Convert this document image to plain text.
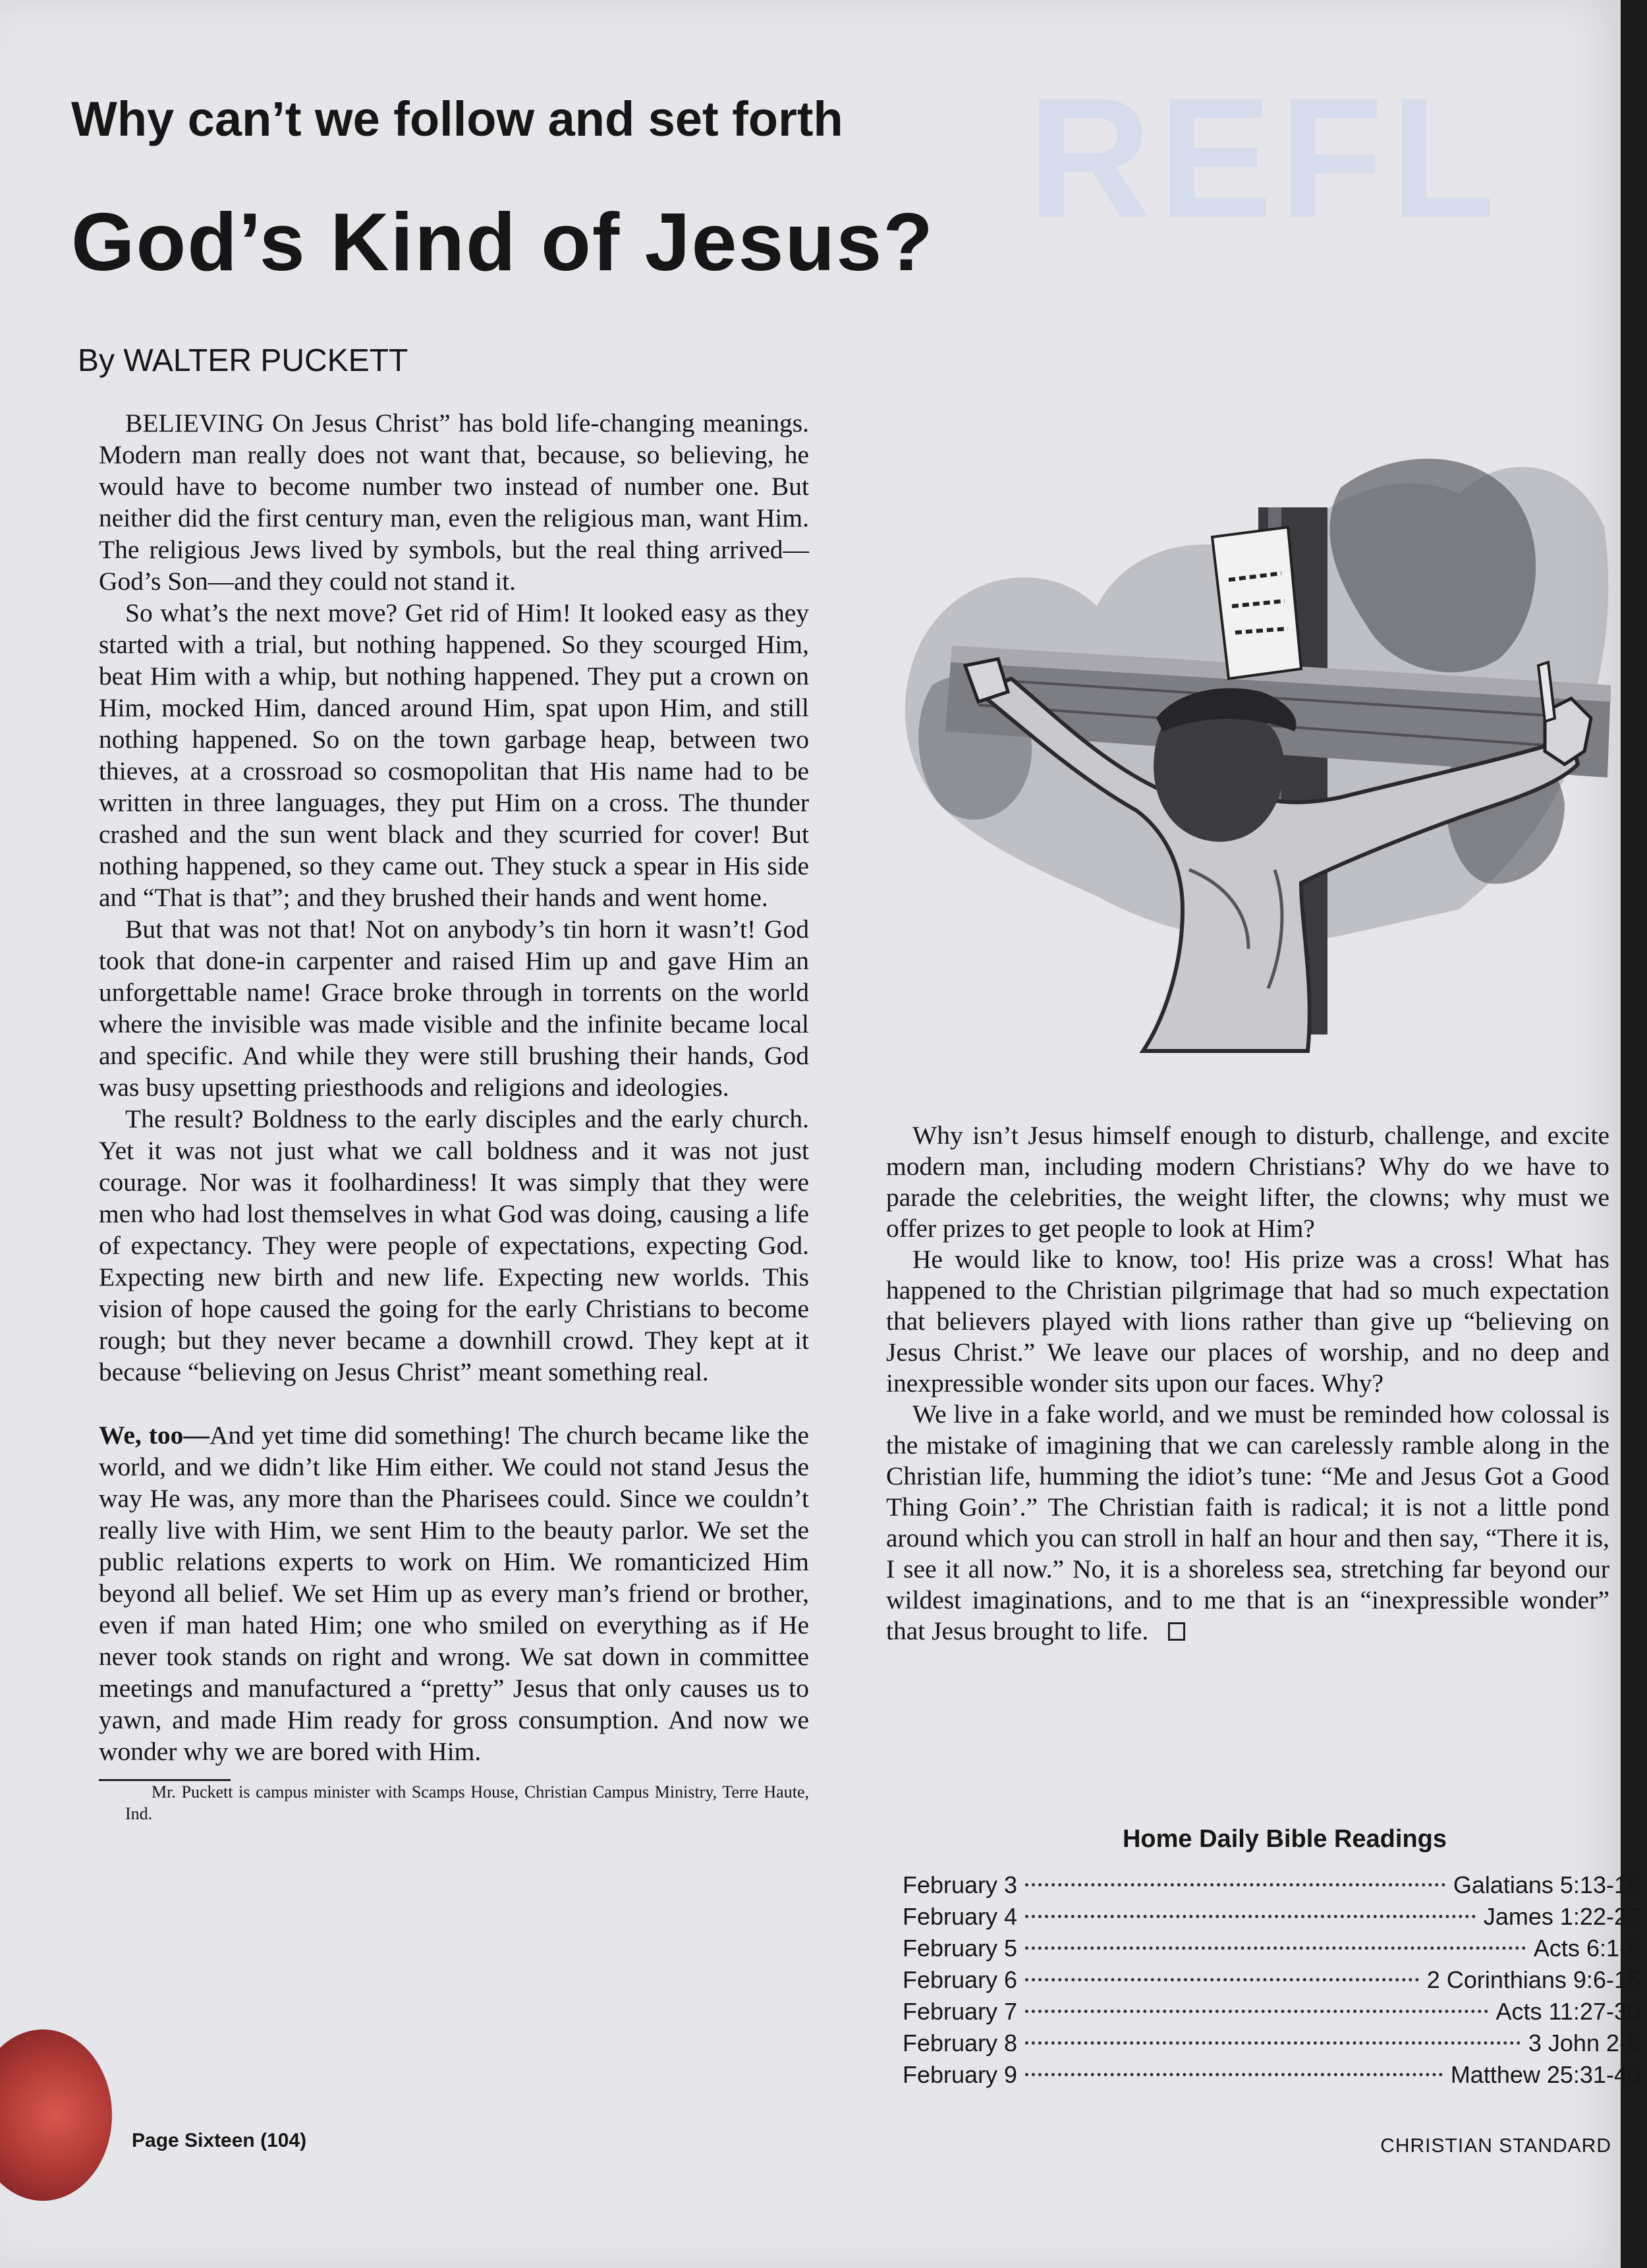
REFL
Why can’t we follow and set forth
God’s Kind of Jesus?

By WALTER PUCKETT

BELIEVING On Jesus Christ” has bold life-changing meanings. Modern man really does not want that, because, so believing, he would have to become number two instead of number one. But neither did the first century man, even the religious man, want Him. The religious Jews lived by symbols, but the real thing arrived—God’s Son—and they could not stand it.

So what’s the next move? Get rid of Him! It looked easy as they started with a trial, but nothing happened. So they scourged Him, beat Him with a whip, but nothing happened. They put a crown on Him, mocked Him, danced around Him, spat upon Him, and still nothing happened. So on the town garbage heap, between two thieves, at a crossroad so cosmopolitan that His name had to be written in three languages, they put Him on a cross. The thunder crashed and the sun went black and they scurried for cover! But nothing happened, so they came out. They stuck a spear in His side and “That is that”; and they brushed their hands and went home.

But that was not that! Not on anybody’s tin horn it wasn’t! God took that done-in carpenter and raised Him up and gave Him an unforgettable name! Grace broke through in torrents on the world where the invisible was made visible and the infinite became local and specific. And while they were still brushing their hands, God was busy upsetting priesthoods and religions and ideologies.

The result? Boldness to the early disciples and the early church. Yet it was not just what we call boldness and it was not just courage. Nor was it foolhardiness! It was simply that they were men who had lost themselves in what God was doing, causing a life of expectancy. They were people of expectations, expecting God. Expecting new birth and new life. Expecting new worlds. This vision of hope caused the going for the early Christians to become rough; but they never became a downhill crowd. They kept at it because “believing on Jesus Christ” meant something real.

We, too—And yet time did something! The church became like the world, and we didn’t like Him either. We could not stand Jesus the way He was, any more than the Pharisees could. Since we couldn’t really live with Him, we sent Him to the beauty parlor. We set the public relations experts to work on Him. We romanticized Him beyond all belief. We set Him up as every man’s friend or brother, even if man hated Him; one who smiled on everything as if He never took stands on right and wrong. We sat down in committee meetings and manufactured a “pretty” Jesus that only causes us to yawn, and made Him ready for gross consumption. And now we wonder why we are bored with Him.

Mr. Puckett is campus minister with Scamps House, Christian Campus Ministry, Terre Haute, Ind.

Why isn’t Jesus himself enough to disturb, challenge, and excite modern man, including modern Christians? Why do we have to parade the celebrities, the weight lifter, the clowns; why must we offer prizes to get people to look at Him?

He would like to know, too! His prize was a cross! What has happened to the Christian pilgrimage that had so much expectation that believers played with lions rather than give up “believing on Jesus Christ.” We leave our places of worship, and no deep and inexpressible wonder sits upon our faces. Why?

We live in a fake world, and we must be reminded how colossal is the mistake of imagining that we can carelessly ramble along in the Christian life, humming the idiot’s tune: “Me and Jesus Got a Good Thing Goin’.” The Christian faith is radical; it is not a little pond around which you can stroll in half an hour and then say, “There it is, I see it all now.” No, it is a shoreless sea, stretching far beyond our wildest imaginations, and to me that is an “inexpressible wonder” that Jesus brought to life.

Home Daily Bible Readings
February 3	Galatians 5:13-15
February 4	James 1:22-27
February 5	Acts 6:1-6
February 6	2 Corinthians 9:6-15
February 7	Acts 11:27-30
February 8	3 John 2-8
February 9	Matthew 25:31-40

Page Sixteen (104)	CHRISTIAN STANDARD
